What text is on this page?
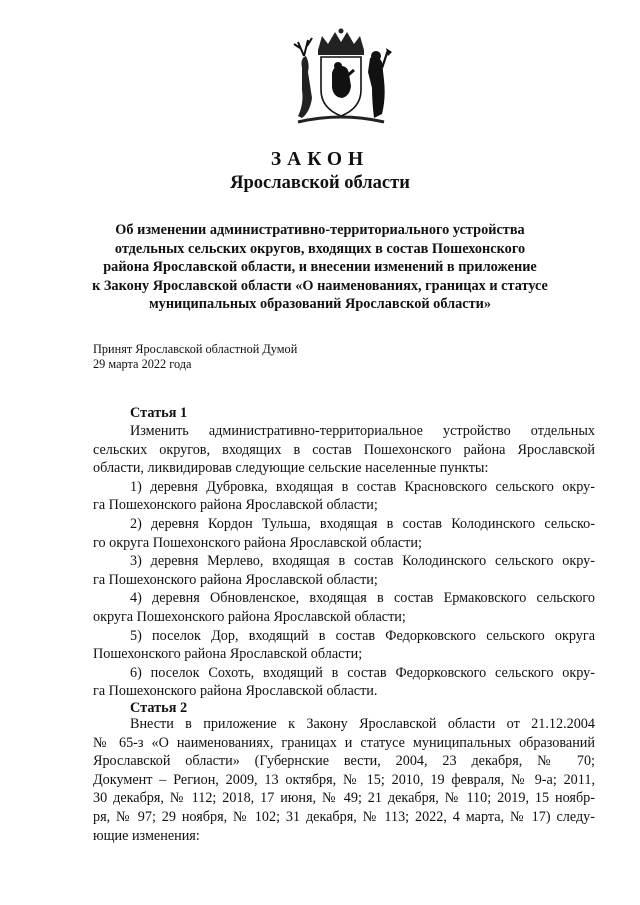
ЗАКОН
Ярославской области
Об изменении административно-территориального устройства
отдельных сельских округов, входящих в состав Пошехонского
района Ярославской области, и внесении изменений в приложение
к Закону Ярославской области «О наименованиях, границах и статусе
муниципальных образований Ярославской области»
Принят Ярославской областной Думой
29 марта 2022 года
Статья 1
Изменить административно-территориальное устройство отдельных
сельских округов, входящих в состав Пошехонского района Ярославской
области, ликвидировав следующие сельские населенные пункты:
1) деревня Дубровка, входящая в состав Красновского сельского окру-
га Пошехонского района Ярославской области;
2) деревня Кордон Тульша, входящая в состав Колодинского сельско-
го округа Пошехонского района Ярославской области;
3) деревня Мерлево, входящая в состав Колодинского сельского окру-
га Пошехонского района Ярославской области;
4) деревня Обновленское, входящая в состав Ермаковского сельского
округа Пошехонского района Ярославской области;
5) поселок Дор, входящий в состав Федорковского сельского округа
Пошехонского района Ярославской области;
6) поселок Сохоть, входящий в состав Федорковского сельского окру-
га Пошехонского района Ярославской области.
Статья 2
Внести в приложение к Закону Ярославской области от 21.12.2004
№ 65-з «О наименованиях, границах и статусе муниципальных образований
Ярославской области» (Губернские вести, 2004, 23 декабря, № 70;
Документ – Регион, 2009, 13 октября, № 15; 2010, 19 февраля, № 9-а; 2011,
30 декабря, № 112; 2018, 17 июня, № 49; 21 декабря, № 110; 2019, 15 ноябр-
ря, № 97; 29 ноября, № 102; 31 декабря, № 113; 2022, 4 марта, № 17) следу-
ющие изменения:
